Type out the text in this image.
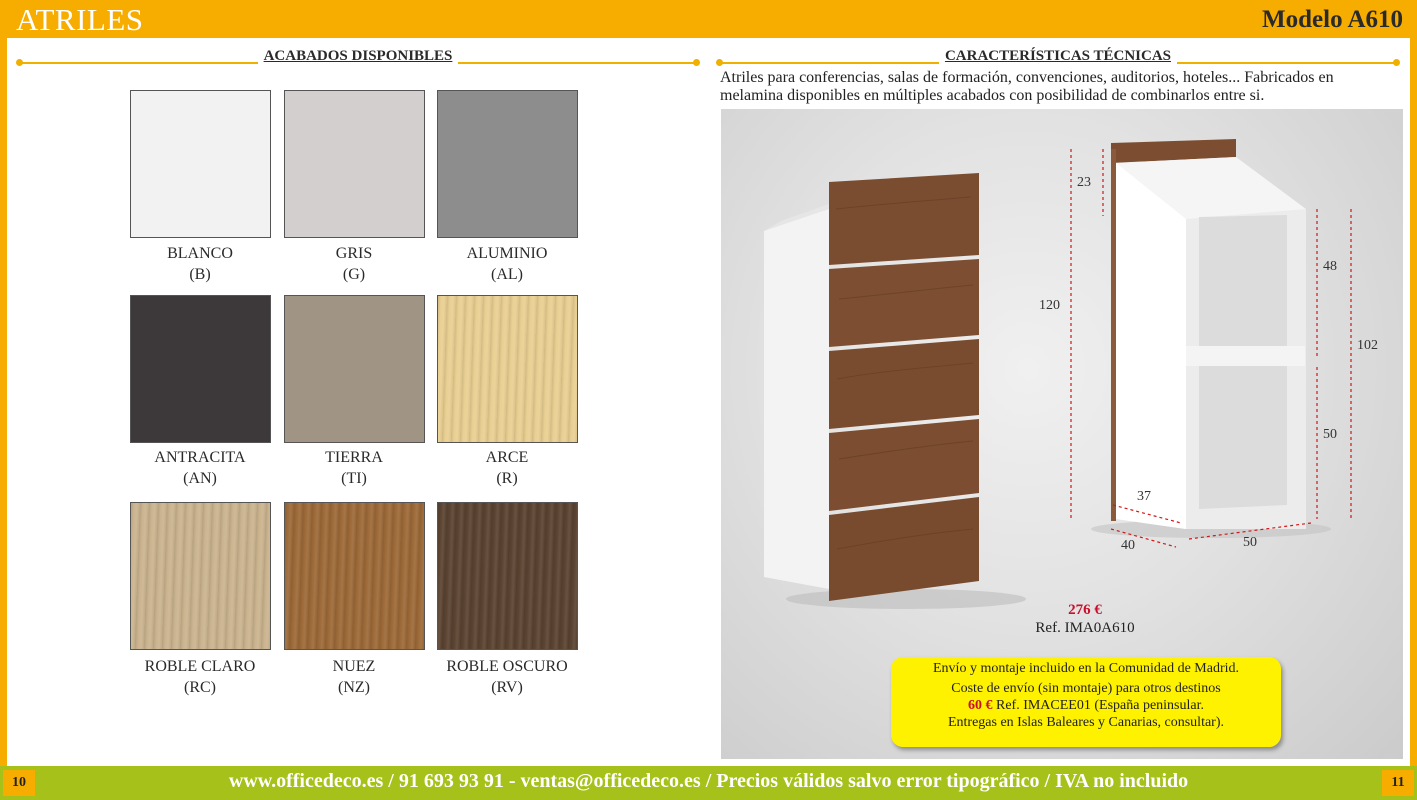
ATRILES	Modelo A610
ACABADOS DISPONIBLES
BLANCO
(B)
GRIS
(G)
ALUMINIO
(AL)
ANTRACITA
(AN)
TIERRA
(TI)
ARCE
(R)
ROBLE CLARO
(RC)
NUEZ
(NZ)
ROBLE OSCURO
(RV)
CARACTERÍSTICAS TÉCNICAS
Atriles para conferencias, salas de formación, convenciones, auditorios, hoteles... Fabricados en melamina disponibles en múltiples acabados con posibilidad de combinarlos entre si.
23
120
48
102
50
37
40	50
276 €
Ref. IMA0A610
Envío y montaje incluido en la Comunidad de Madrid.
Coste de envío (sin montaje) para otros destinos
60 € Ref. IMACEE01 (España peninsular.
Entregas en Islas Baleares y Canarias, consultar).
10	www.officedeco.es / 91 693 93 91 - ventas@officedeco.es / Precios válidos salvo error tipográfico / IVA no incluido	11
